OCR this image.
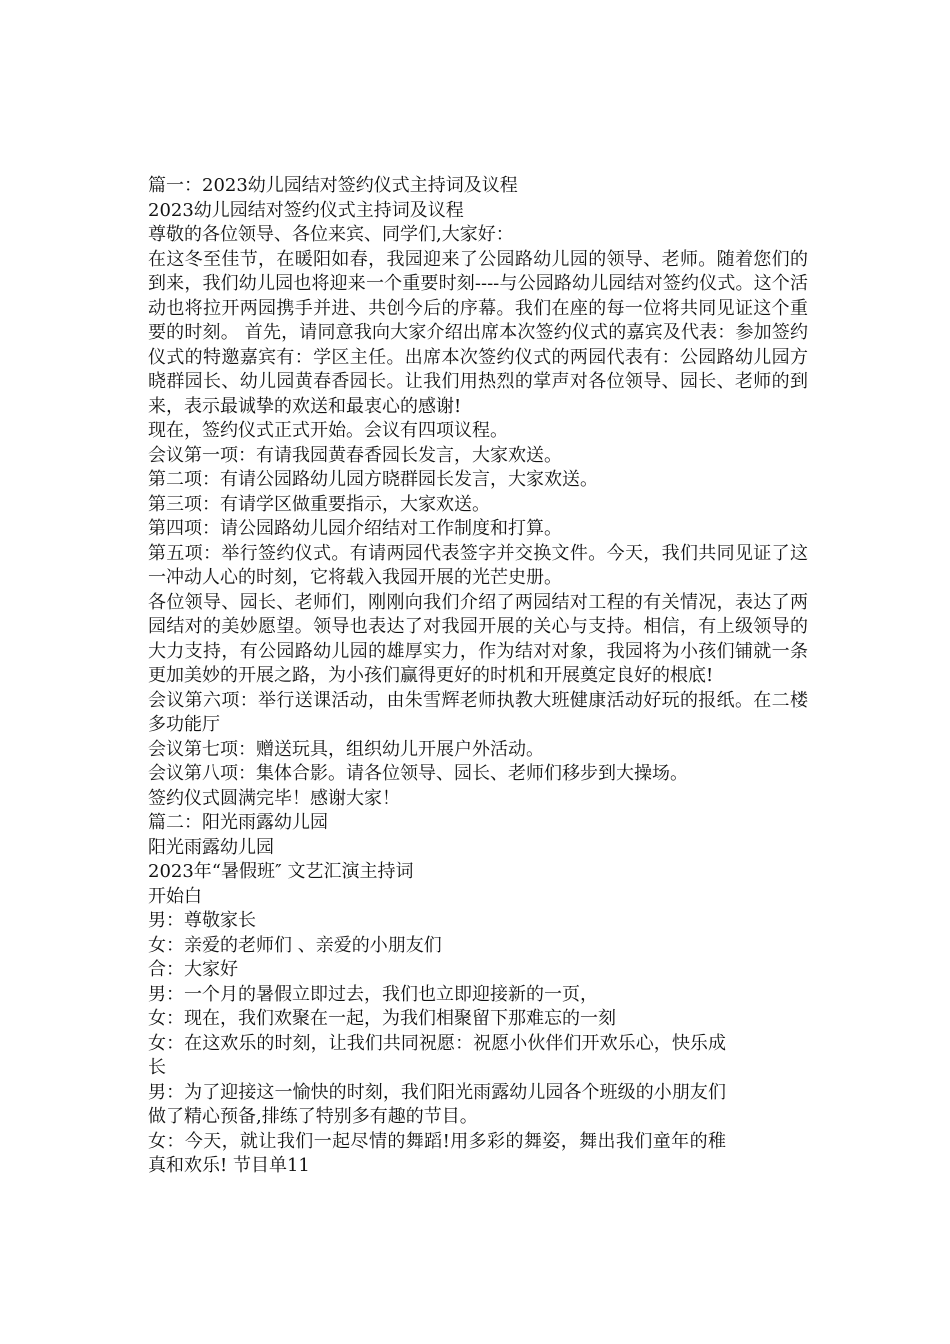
篇一：2023幼儿园结对签约仪式主持词及议程

2023幼儿园结对签约仪式主持词及议程

尊敬的各位领导、各位来宾、同学们,大家好：

在这冬至佳节，在暖阳如春，我园迎来了公园路幼儿园的领导、老师。随着您们的到来，我们幼儿园也将迎来一个重要时刻----与公园路幼儿园结对签约仪式。这个活动也将拉开两园携手并进、共创今后的序幕。我们在座的每一位将共同见证这个重要的时刻。 首先，请同意我向大家介绍出席本次签约仪式的嘉宾及代表：参加签约仪式的特邀嘉宾有：学区主任。出席本次签约仪式的两园代表有：公园路幼儿园方晓群园长、幼儿园黄春香园长。让我们用热烈的掌声对各位领导、园长、老师的到来，表示最诚挚的欢送和最衷心的感谢!

现在，签约仪式正式开始。会议有四项议程。

会议第一项：有请我园黄春香园长发言，大家欢送。

第二项：有请公园路幼儿园方晓群园长发言，大家欢送。

第三项：有请学区做重要指示，大家欢送。

第四项：请公园路幼儿园介绍结对工作制度和打算。

第五项：举行签约仪式。有请两园代表签字并交换文件。今天，我们共同见证了这一冲动人心的时刻，它将载入我园开展的光芒史册。

各位领导、园长、老师们，刚刚向我们介绍了两园结对工程的有关情况，表达了两园结对的美妙愿望。领导也表达了对我园开展的关心与支持。相信，有上级领导的大力支持，有公园路幼儿园的雄厚实力，作为结对对象，我园将为小孩们铺就一条更加美妙的开展之路，为小孩们赢得更好的时机和开展奠定良好的根底!

会议第六项：举行送课活动，由朱雪辉老师执教大班健康活动好玩的报纸。在二楼多功能厅

会议第七项：赠送玩具，组织幼儿开展户外活动。

会议第八项：集体合影。请各位领导、园长、老师们移步到大操场。

签约仪式圆满完毕！感谢大家！

篇二：阳光雨露幼儿园

阳光雨露幼儿园

2023年“暑假班″ 文艺汇演主持词

开始白

男：尊敬家长

女：亲爱的老师们 、亲爱的小朋友们

合：大家好

男：一个月的暑假立即过去，我们也立即迎接新的一页，

女：现在，我们欢聚在一起，为我们相聚留下那难忘的一刻

女：在这欢乐的时刻，让我们共同祝愿：祝愿小伙伴们开欢乐心，快乐成长

男：为了迎接这一愉快的时刻，我们阳光雨露幼儿园各个班级的小朋友们做了精心预备,排练了特别多有趣的节目。

女：今天，就让我们一起尽情的舞蹈!用多彩的舞姿，舞出我们童年的稚真和欢乐! 节目单11
